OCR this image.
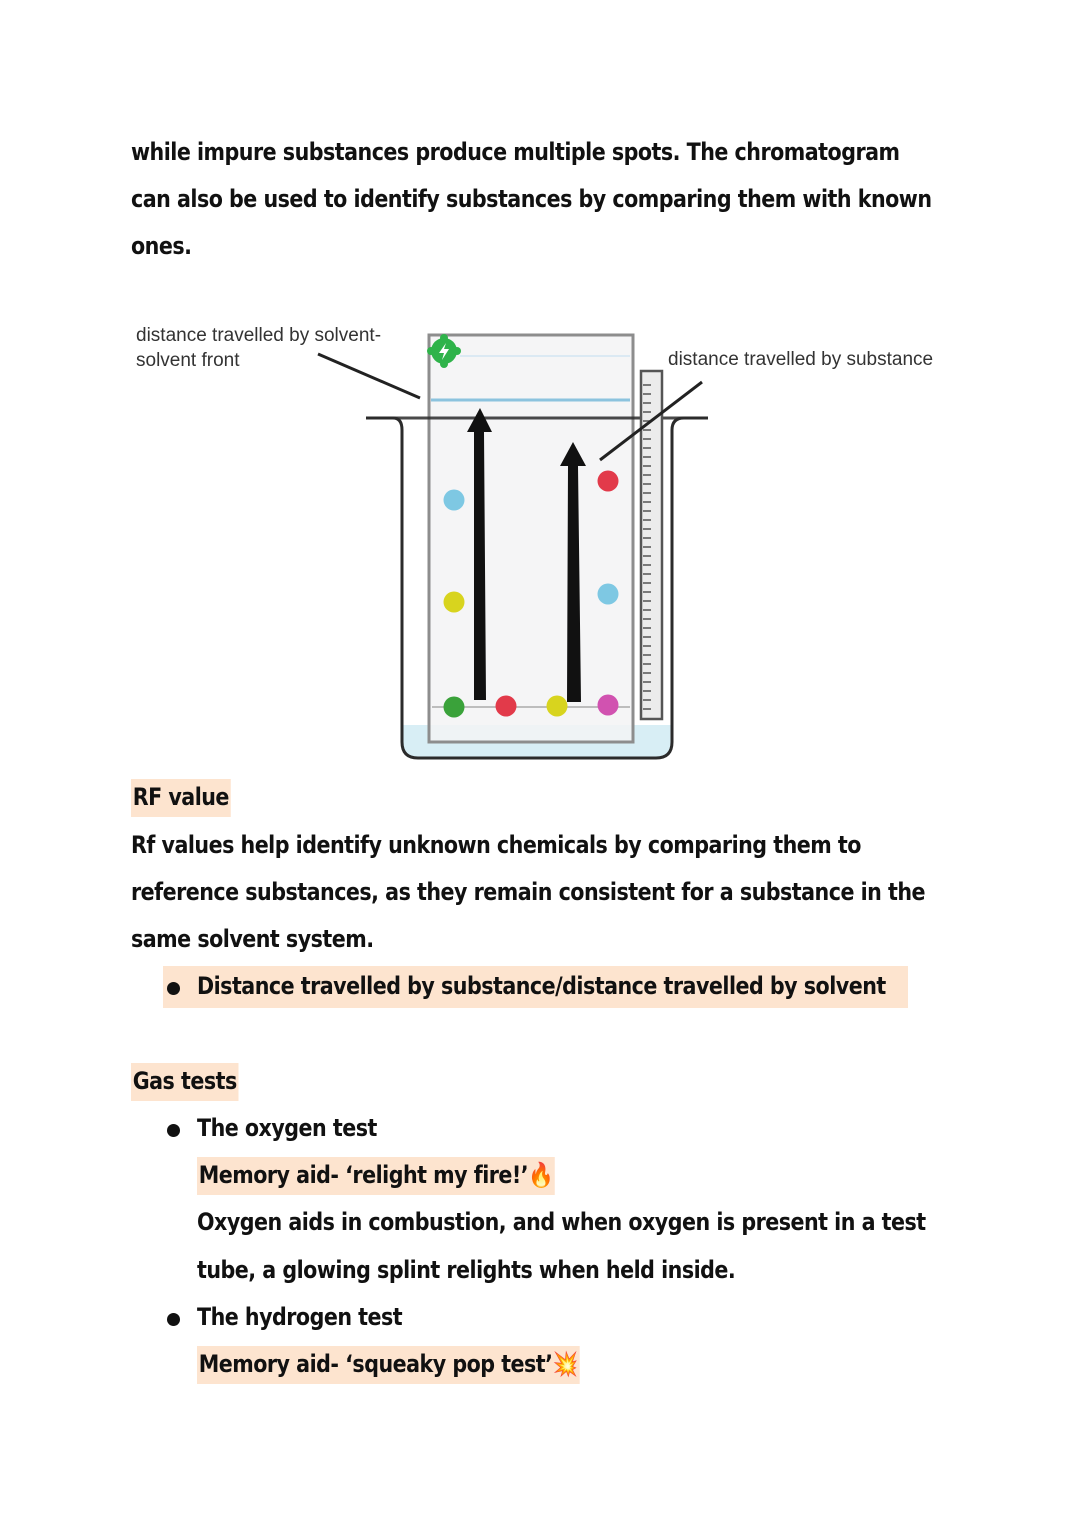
while impure substances produce multiple spots. The chromatogram
can also be used to identify substances by comparing them with known
ones.
distance travelled by solvent-
solvent front	distance travelled by substance
RF value
Rf values help identify unknown chemicals by comparing them to
reference substances, as they remain consistent for a substance in the
same solvent system.
Distance travelled by substance/distance travelled by solvent
Gas tests
The oxygen test
Memory aid- ‘relight my fire!’🔥
Oxygen aids in combustion, and when oxygen is present in a test
tube, a glowing splint relights when held inside.
The hydrogen test
Memory aid- ‘squeaky pop test’💥
